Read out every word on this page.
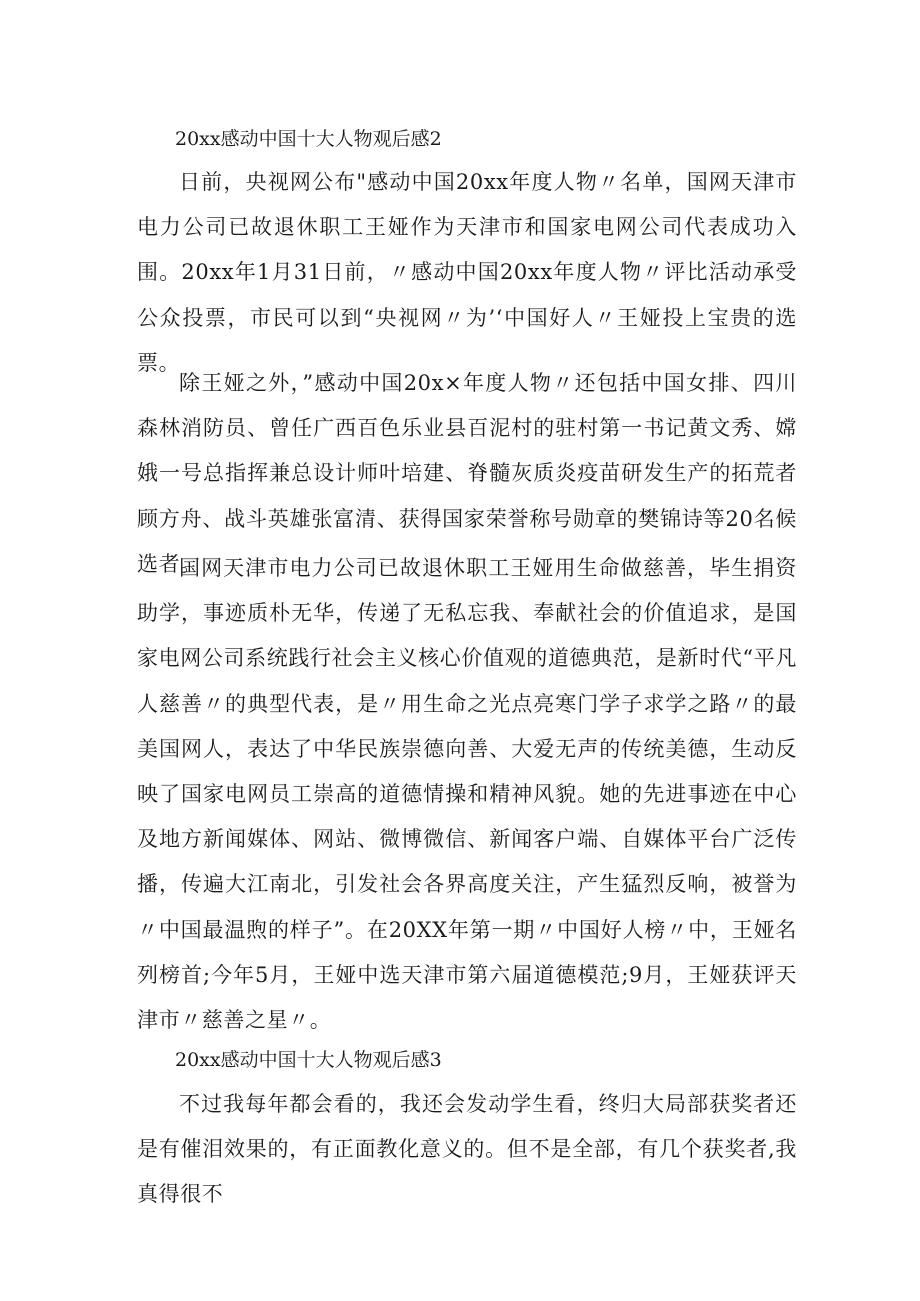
20xx感动中国十大人物观后感2

日前，央视网公布"感动中国20xx年度人物〃名单，国网天津市电力公司已故退休职工王娅作为天津市和国家电网公司代表成功入围。20xx年1月31日前，〃感动中国20xx年度人物〃评比活动承受公众投票，市民可以到“央视网〃为’‘中国好人〃王娅投上宝贵的选票。

除王娅之外，”感动中国20x×年度人物〃还包括中国女排、四川森林消防员、曾任广西百色乐业县百泥村的驻村第一书记黄文秀、嫦娥一号总指挥兼总设计师叶培建、脊髓灰质炎疫苗研发生产的拓荒者顾方舟、战斗英雄张富清、获得国家荣誉称号勋章的樊锦诗等20名候选者。

国网天津市电力公司已故退休职工王娅用生命做慈善，毕生捐资助学，事迹质朴无华，传递了无私忘我、奉献社会的价值追求，是国家电网公司系统践行社会主义核心价值观的道德典范，是新时代“平凡人慈善〃的典型代表，是〃用生命之光点亮寒门学子求学之路〃的最美国网人，表达了中华民族崇德向善、大爱无声的传统美德，生动反映了国家电网员工崇高的道德情操和精神风貌。她的先进事迹在中心及地方新闻媒体、网站、微博微信、新闻客户端、自媒体平台广泛传播，传遍大江南北，引发社会各界高度关注，产生猛烈反响，被誉为〃中国最温煦的样子”。在20XX年第一期〃中国好人榜〃中，王娅名列榜首;今年5月，王娅中选天津市第六届道德模范;9月，王娅获评天津市〃慈善之星〃。

20xx感动中国十大人物观后感3

不过我每年都会看的，我还会发动学生看，终归大局部获奖者还是有催泪效果的，有正面教化意义的。但不是全部，有几个获奖者,我真得很不
